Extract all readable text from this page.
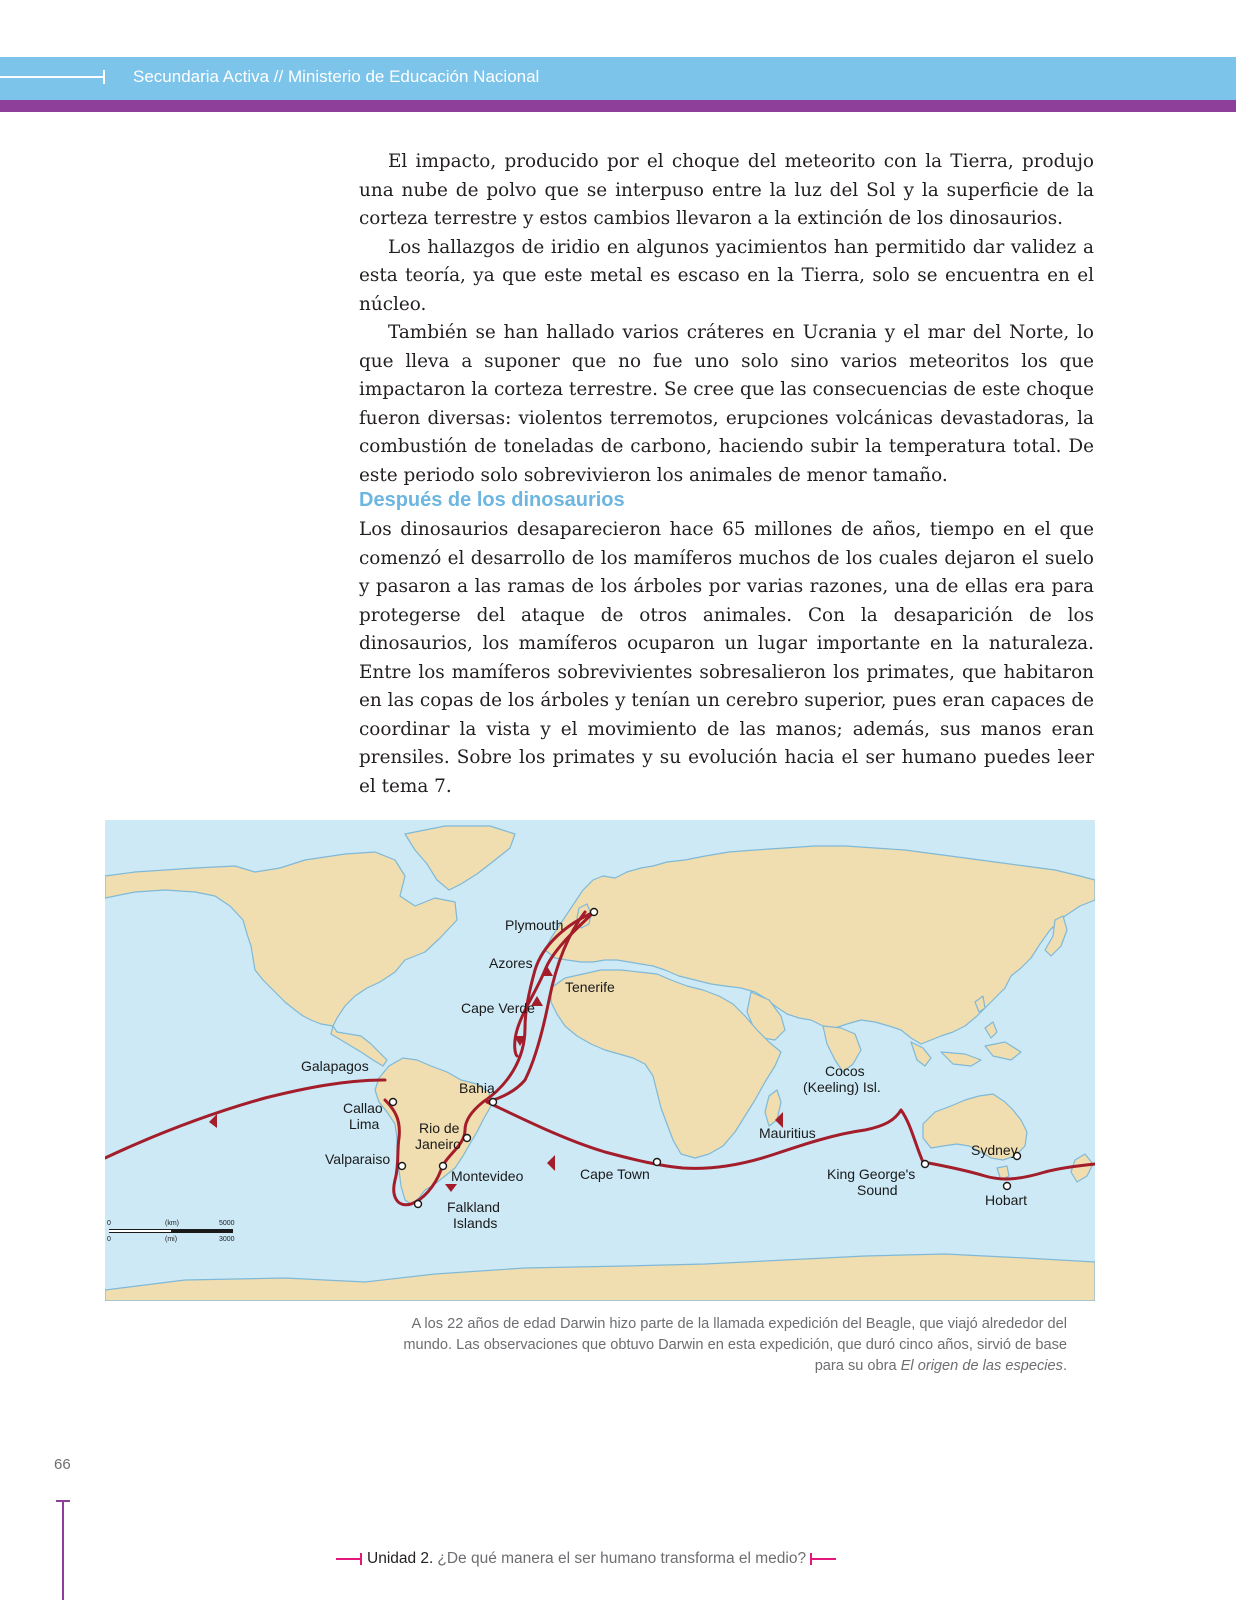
Secundaria Activa // Ministerio de Educación Nacional

El impacto, producido por el choque del meteorito con la Tierra, produjo una nube de polvo que se interpuso entre la luz del Sol y la superficie de la corteza terrestre y estos cambios llevaron a la extinción de los dinosaurios.

Los hallazgos de iridio en algunos yacimientos han permitido dar validez a esta teoría, ya que este metal es escaso en la Tierra, solo se encuentra en el núcleo.

También se han hallado varios cráteres en Ucrania y el mar del Norte, lo que lleva a suponer que no fue uno solo sino varios meteoritos los que impactaron la corteza terrestre. Se cree que las consecuencias de este choque fueron diversas: violentos terremotos, erupciones volcánicas devastadoras, la combustión de toneladas de carbono, haciendo subir la temperatura total. De este periodo solo sobrevivieron los animales de menor tamaño.

Después de los dinosaurios

Los dinosaurios desaparecieron hace 65 millones de años, tiempo en el que comenzó el desarrollo de los mamíferos muchos de los cuales dejaron el suelo y pasaron a las ramas de los árboles por varias razones, una de ellas era para protegerse del ataque de otros animales. Con la desaparición de los dinosaurios, los mamíferos ocuparon un lugar importante en la naturaleza. Entre los mamíferos sobrevivientes sobresalieron los primates, que habitaron en las copas de los árboles y tenían un cerebro superior, pues eran capaces de coordinar la vista y el movimiento de las manos; además, sus manos eran prensiles. Sobre los primates y su evolución hacia el ser humano puedes leer el tema 7.

Plymouth
Azores
Tenerife
Cape Verde
Galapagos
Bahia
Callao
Lima	Rio de
Janeiro
Valparaiso
Montevideo
Falkland
Islands
Cape Town
Mauritius
Cocos
(Keeling) Isl.
King George's
Sound
Sydney
Hobart
0	(km)	5000
0	(mi)	3000
A los 22 años de edad Darwin hizo parte de la llamada expedición del Beagle, que viajó alrededor del mundo. Las observaciones que obtuvo Darwin en esta expedición, que duró cinco años, sirvió de base para su obra El origen de las especies.
66
Unidad 2. ¿De qué manera el ser humano transforma el medio?
